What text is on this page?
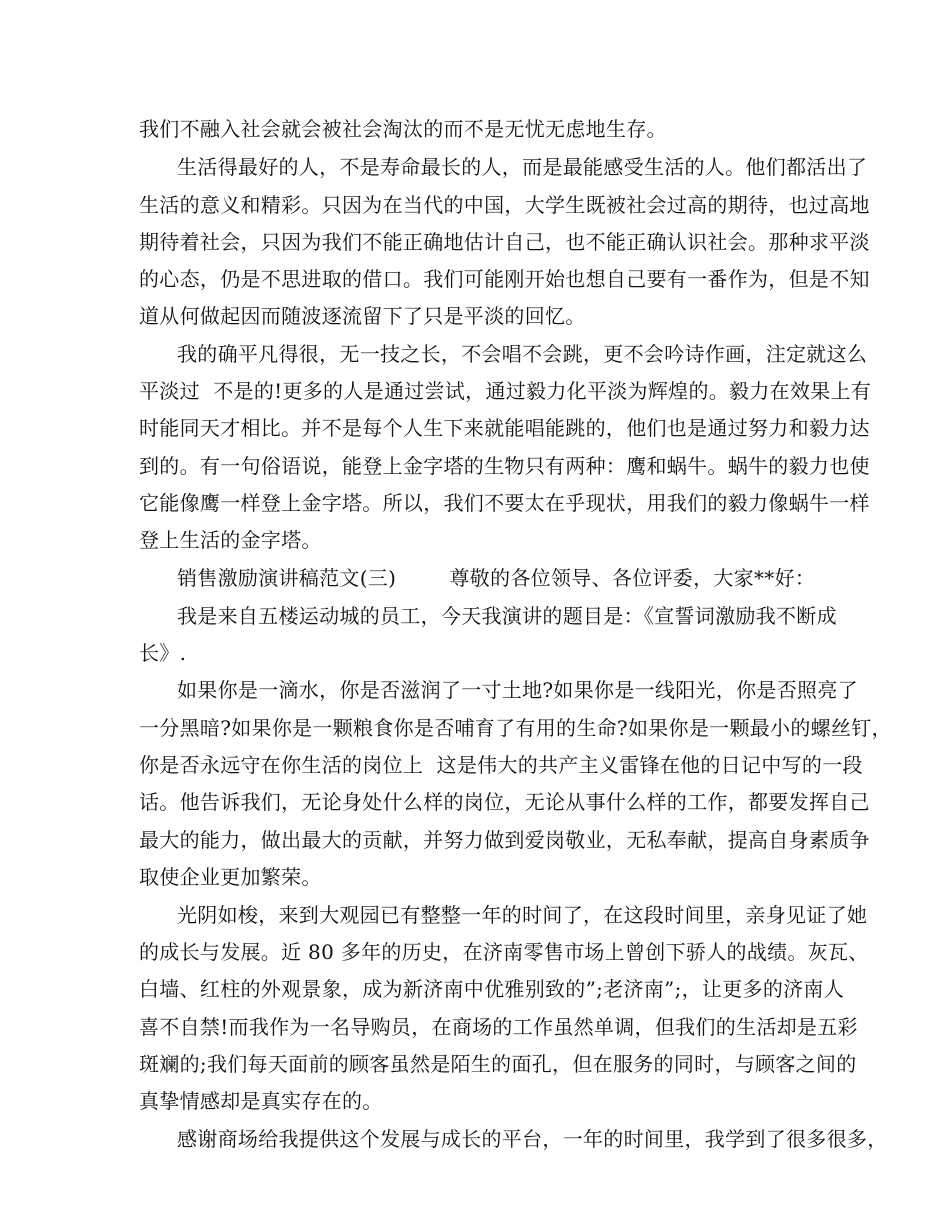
我们不融入社会就会被社会淘汰的而不是无忧无虑地生存。
生活得最好的人，不是寿命最长的人，而是最能感受生活的人。他们都活出了
生活的意义和精彩。只因为在当代的中国，大学生既被社会过高的期待，也过高地
期待着社会，只因为我们不能正确地估计自己，也不能正确认识社会。那种求平淡
的心态，仍是不思进取的借口。我们可能刚开始也想自己要有一番作为，但是不知
道从何做起因而随波逐流留下了只是平淡的回忆。
我的确平凡得很，无一技之长，不会唱不会跳，更不会吟诗作画，注定就这么
平淡过  不是的!更多的人是通过尝试，通过毅力化平淡为辉煌的。毅力在效果上有
时能同天才相比。并不是每个人生下来就能唱能跳的，他们也是通过努力和毅力达
到的。有一句俗语说，能登上金字塔的生物只有两种：鹰和蜗牛。蜗牛的毅力也使
它能像鹰一样登上金字塔。所以，我们不要太在乎现状，用我们的毅力像蜗牛一样
登上生活的金字塔。
销售激励演讲稿范文(三)        尊敬的各位领导、各位评委，大家**好：
我是来自五楼运动城的员工，今天我演讲的题目是：《宣誓词激励我不断成
长》.
如果你是一滴水，你是否滋润了一寸土地?如果你是一线阳光，你是否照亮了
一分黑暗?如果你是一颗粮食你是否哺育了有用的生命?如果你是一颗最小的螺丝钉，
你是否永远守在你生活的岗位上  这是伟大的共产主义雷锋在他的日记中写的一段
话。他告诉我们，无论身处什么样的岗位，无论从事什么样的工作，都要发挥自己
最大的能力，做出最大的贡献，并努力做到爱岗敬业，无私奉献，提高自身素质争
取使企业更加繁荣。
光阴如梭，来到大观园已有整整一年的时间了，在这段时间里，亲身见证了她
的成长与发展。近 80 多年的历史，在济南零售市场上曾创下骄人的战绩。灰瓦、
白墙、红柱的外观景象，成为新济南中优雅别致的”;老济南”;，让更多的济南人
喜不自禁!而我作为一名导购员，在商场的工作虽然单调，但我们的生活却是五彩
斑斓的;我们每天面前的顾客虽然是陌生的面孔，但在服务的同时，与顾客之间的
真挚情感却是真实存在的。
感谢商场给我提供这个发展与成长的平台，一年的时间里，我学到了很多很多，
